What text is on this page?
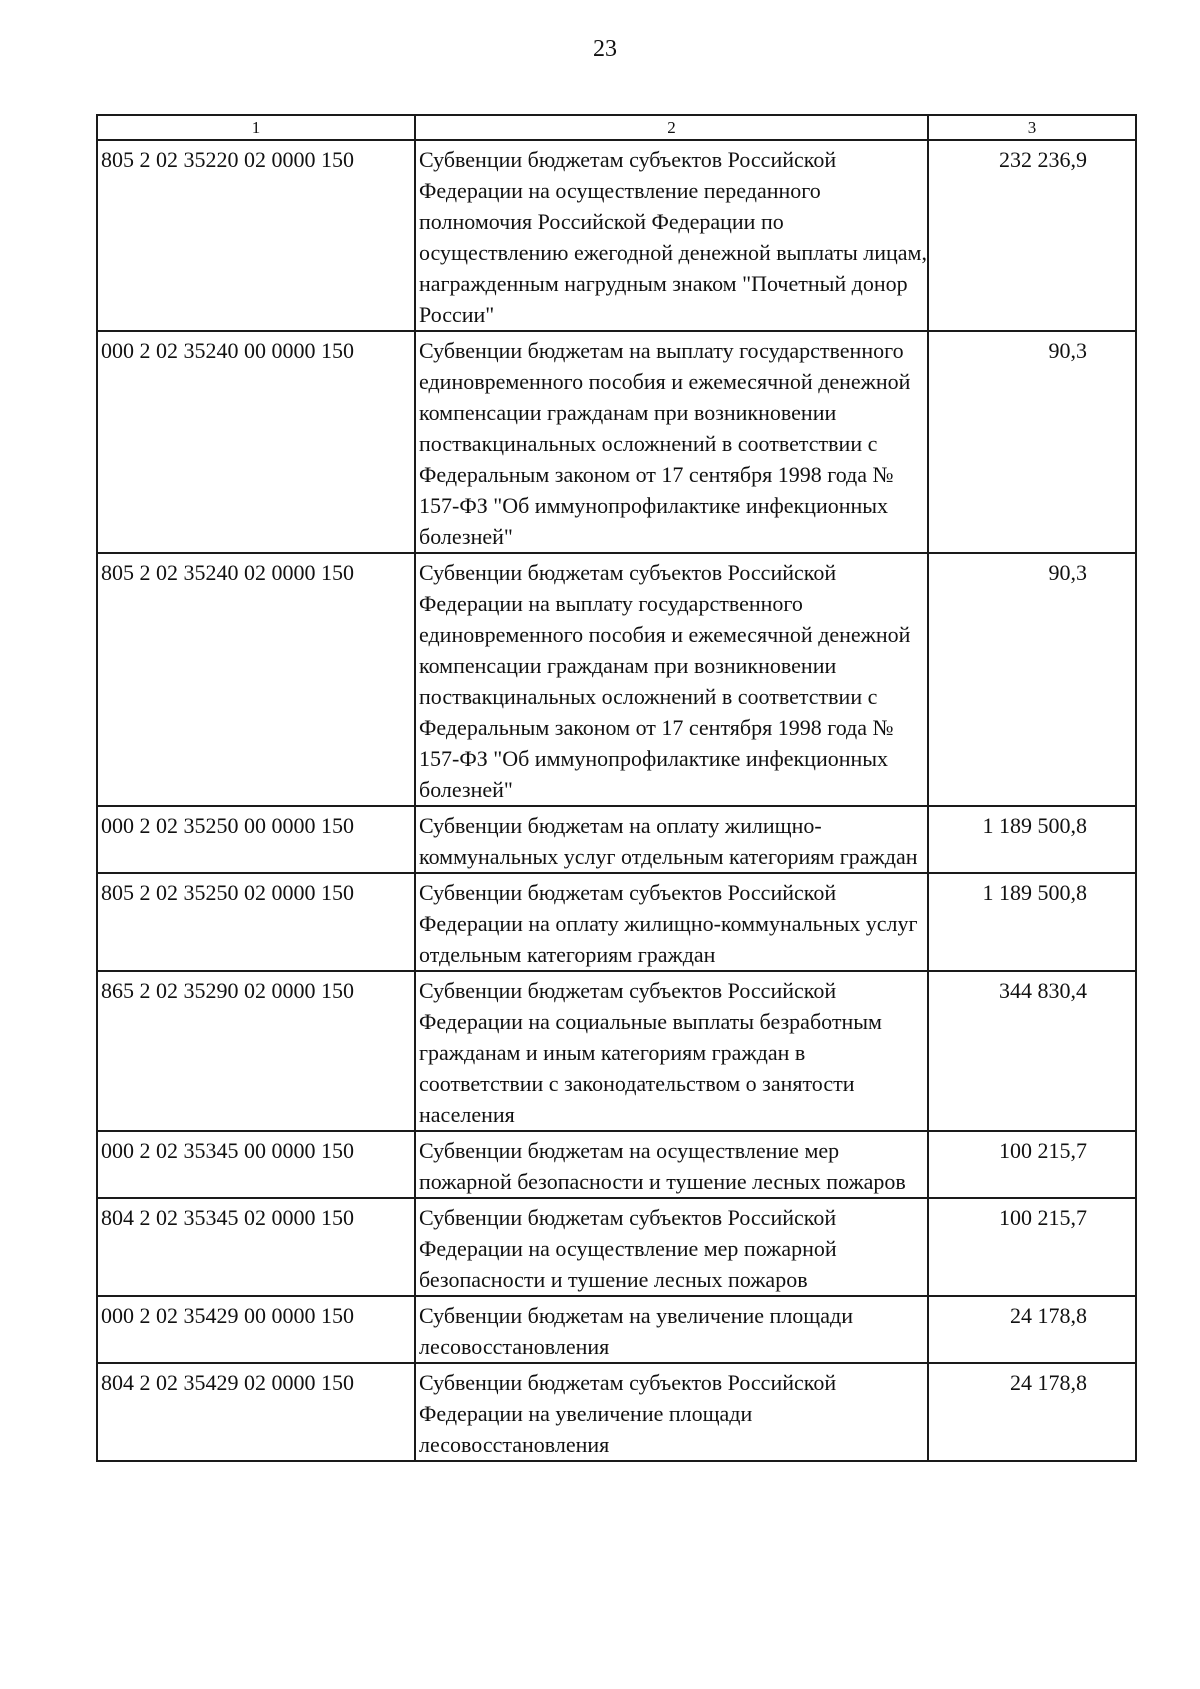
23
1	2	3
805 2 02 35220 02 0000 150	Субвенции бюджетам субъектов Российской Федерации на осуществление переданного полномочия Российской Федерации по осуществлению ежегодной денежной выплаты лицам, награжденным нагрудным знаком "Почетный донор России"	232 236,9
000 2 02 35240 00 0000 150	Субвенции бюджетам на выплату государственного единовременного пособия и ежемесячной денежной компенсации гражданам при возникновении поствакцинальных осложнений в соответствии с Федеральным законом от 17 сентября 1998 года № 157-ФЗ "Об иммунопрофилактике инфекционных болезней"	90,3
805 2 02 35240 02 0000 150	Субвенции бюджетам субъектов Российской Федерации на выплату государственного единовременного пособия и ежемесячной денежной компенсации гражданам при возникновении поствакцинальных осложнений в соответствии с Федеральным законом от 17 сентября 1998 года № 157-ФЗ "Об иммунопрофилактике инфекционных болезней"	90,3
000 2 02 35250 00 0000 150	Субвенции бюджетам на оплату жилищно-коммунальных услуг отдельным категориям граждан	1 189 500,8
805 2 02 35250 02 0000 150	Субвенции бюджетам субъектов Российской Федерации на оплату жилищно-коммунальных услуг отдельным категориям граждан	1 189 500,8
865 2 02 35290 02 0000 150	Субвенции бюджетам субъектов Российской Федерации на социальные выплаты безработным гражданам и иным категориям граждан в соответствии с законодательством о занятости населения	344 830,4
000 2 02 35345 00 0000 150	Субвенции бюджетам на осуществление мер пожарной безопасности и тушение лесных пожаров	100 215,7
804 2 02 35345 02 0000 150	Субвенции бюджетам субъектов Российской Федерации на осуществление мер пожарной безопасности и тушение лесных пожаров	100 215,7
000 2 02 35429 00 0000 150	Субвенции бюджетам на увеличение площади лесовосстановления	24 178,8
804 2 02 35429 02 0000 150	Субвенции бюджетам субъектов Российской Федерации на увеличение площади лесовосстановления	24 178,8
